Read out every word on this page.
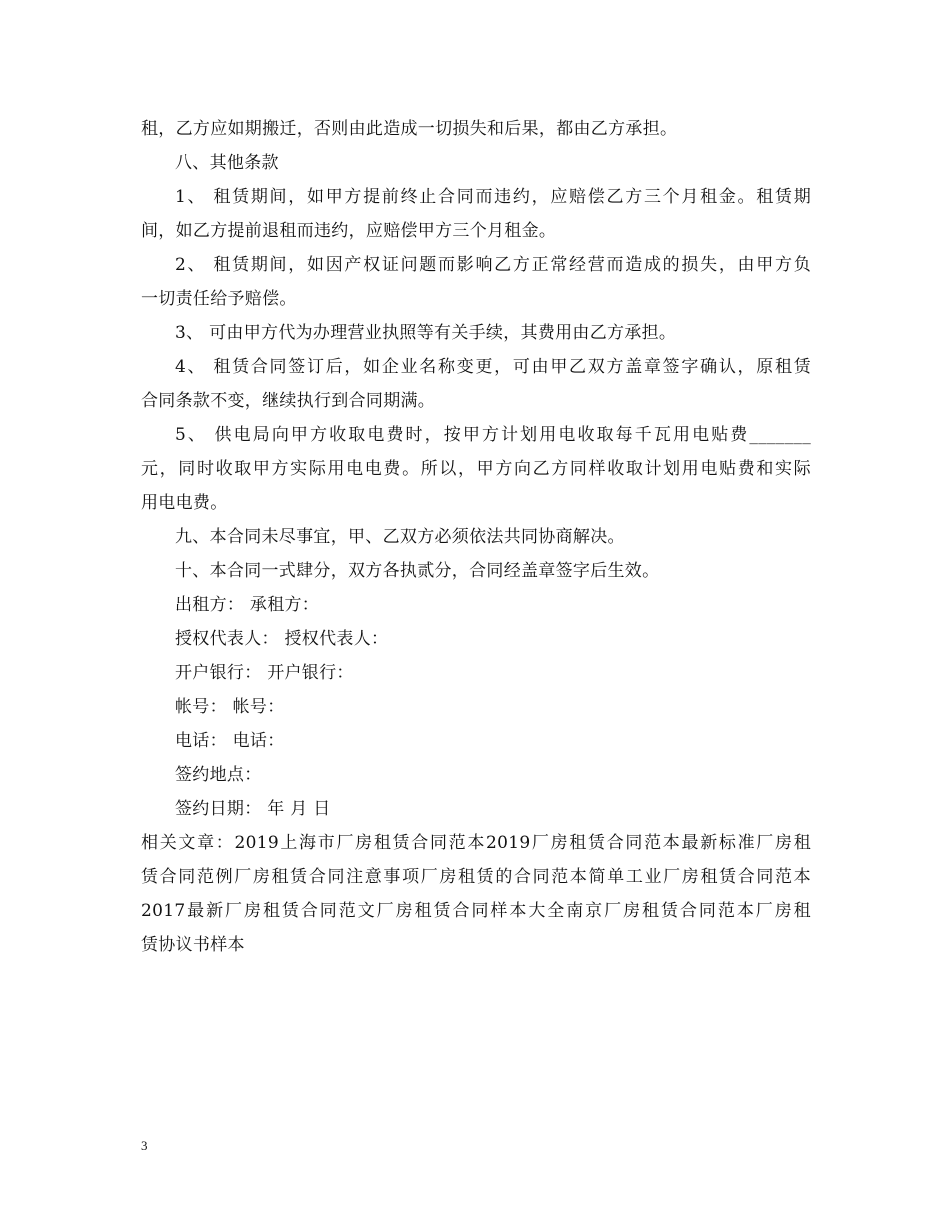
租，乙方应如期搬迁，否则由此造成一切损失和后果，都由乙方承担。
八、其他条款
1、 租赁期间，如甲方提前终止合同而违约，应赔偿乙方三个月租金。租赁期
间，如乙方提前退租而违约，应赔偿甲方三个月租金。
2、 租赁期间，如因产权证问题而影响乙方正常经营而造成的损失，由甲方负
一切责任给予赔偿。
3、 可由甲方代为办理营业执照等有关手续，其费用由乙方承担。
4、 租赁合同签订后，如企业名称变更，可由甲乙双方盖章签字确认，原租赁
合同条款不变，继续执行到合同期满。
5、 供电局向甲方收取电费时，按甲方计划用电收取每千瓦用电贴费_______
元，同时收取甲方实际用电电费。所以，甲方向乙方同样收取计划用电贴费和实际
用电电费。
九、本合同未尽事宜，甲、乙双方必须依法共同协商解决。
十、本合同一式肆分，双方各执贰分，合同经盖章签字后生效。
出租方： 承租方：
授权代表人： 授权代表人：
开户银行： 开户银行：
帐号： 帐号：
电话： 电话：
签约地点：
签约日期： 年 月 日
相关文章：2019上海市厂房租赁合同范本2019厂房租赁合同范本最新标准厂房租
赁合同范例厂房租赁合同注意事项厂房租赁的合同范本简单工业厂房租赁合同范本
2017最新厂房租赁合同范文厂房租赁合同样本大全南京厂房租赁合同范本厂房租
赁协议书样本
3
